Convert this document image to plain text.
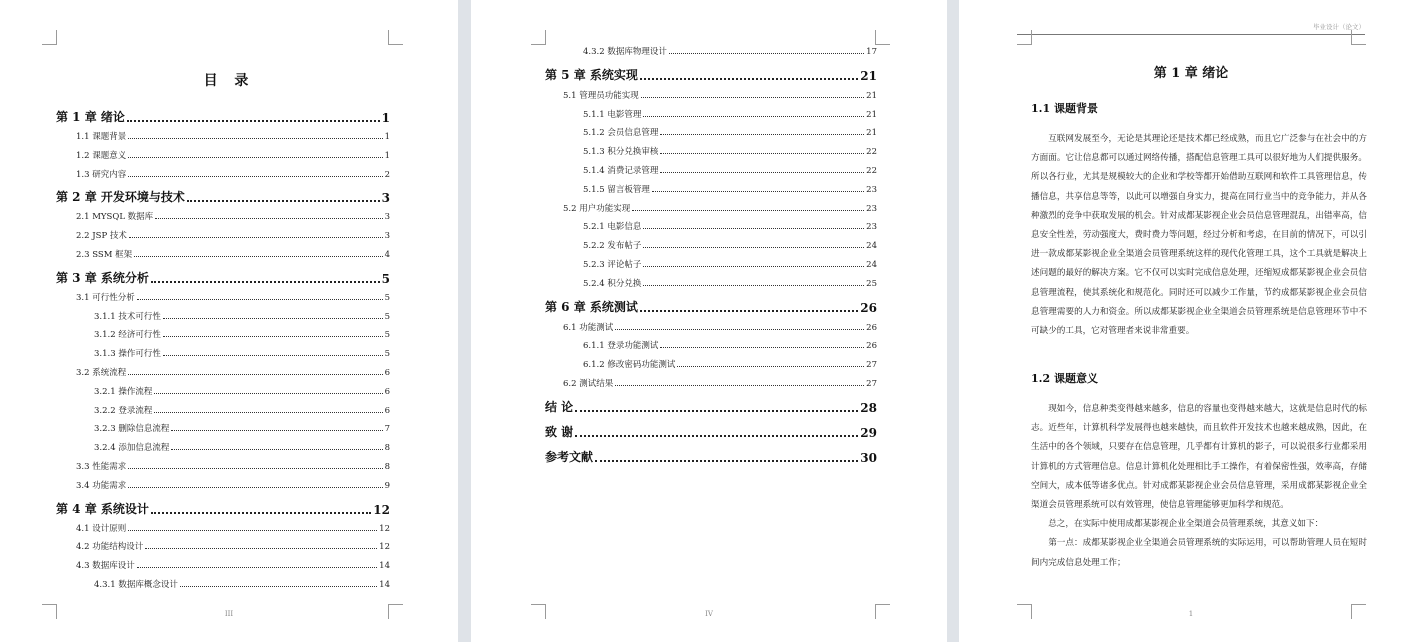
目 录
第 1 章 绪论	1
1.1 课题背景	1
1.2 课题意义	1
1.3 研究内容	2
第 2 章 开发环境与技术	3
2.1 MYSQL 数据库	3
2.2 JSP 技术	3
2.3 SSM 框架	4
第 3 章 系统分析	5
3.1 可行性分析	5
3.1.1 技术可行性	5
3.1.2 经济可行性	5
3.1.3 操作可行性	5
3.2 系统流程	6
3.2.1 操作流程	6
3.2.2 登录流程	6
3.2.3 删除信息流程	7
3.2.4 添加信息流程	8
3.3 性能需求	8
3.4 功能需求	9
第 4 章 系统设计	12
4.1 设计原则	12
4.2 功能结构设计	12
4.3 数据库设计	14
4.3.1 数据库概念设计	14
III
4.3.2 数据库物理设计	17
第 5 章 系统实现	21
5.1 管理员功能实现	21
5.1.1 电影管理	21
5.1.2 会员信息管理	21
5.1.3 积分兑换审核	22
5.1.4 消费记录管理	22
5.1.5 留言板管理	23
5.2 用户功能实现	23
5.2.1 电影信息	23
5.2.2 发布帖子	24
5.2.3 评论帖子	24
5.2.4 积分兑换	25
第 6 章 系统测试	26
6.1 功能测试	26
6.1.1 登录功能测试	26
6.1.2 修改密码功能测试	27
6.2 测试结果	27
结 论	28
致 谢	29
参考文献	30
IV
毕业设计（论文）
第 1 章 绪论
1.1 课题背景

互联网发展至今，无论是其理论还是技术都已经成熟，而且它广泛参与在社会中的方方面面。它让信息都可以通过网络传播，搭配信息管理工具可以很好地为人们提供服务。所以各行业，尤其是规模较大的企业和学校等都开始借助互联网和软件工具管理信息，传播信息，共享信息等等，以此可以增强自身实力，提高在同行业当中的竞争能力，并从各种激烈的竞争中获取发展的机会。针对成都某影视企业会员信息管理混乱，出错率高，信息安全性差，劳动强度大，费时费力等问题，经过分析和考虑，在目前的情况下，可以引进一款成都某影视企业全渠道会员管理系统这样的现代化管理工具，这个工具就是解决上述问题的最好的解决方案。它不仅可以实时完成信息处理，还缩短成都某影视企业会员信息管理流程，使其系统化和规范化。同时还可以减少工作量，节约成都某影视企业会员信息管理需要的人力和资金。所以成都某影视企业全渠道会员管理系统是信息管理环节中不可缺少的工具，它对管理者来说非常重要。

1.2 课题意义

现如今，信息种类变得越来越多，信息的容量也变得越来越大，这就是信息时代的标志。近些年，计算机科学发展得也越来越快，而且软件开发技术也越来越成熟，因此，在生活中的各个领域，只要存在信息管理，几乎都有计算机的影子，可以说很多行业都采用计算机的方式管理信息。信息计算机化处理相比手工操作，有着保密性强，效率高，存储空间大，成本低等诸多优点。针对成都某影视企业会员信息管理，采用成都某影视企业全渠道会员管理系统可以有效管理，使信息管理能够更加科学和规范。

总之，在实际中使用成都某影视企业全渠道会员管理系统，其意义如下：

第一点：成都某影视企业全渠道会员管理系统的实际运用，可以帮助管理人员在短时间内完成信息处理工作；

1
